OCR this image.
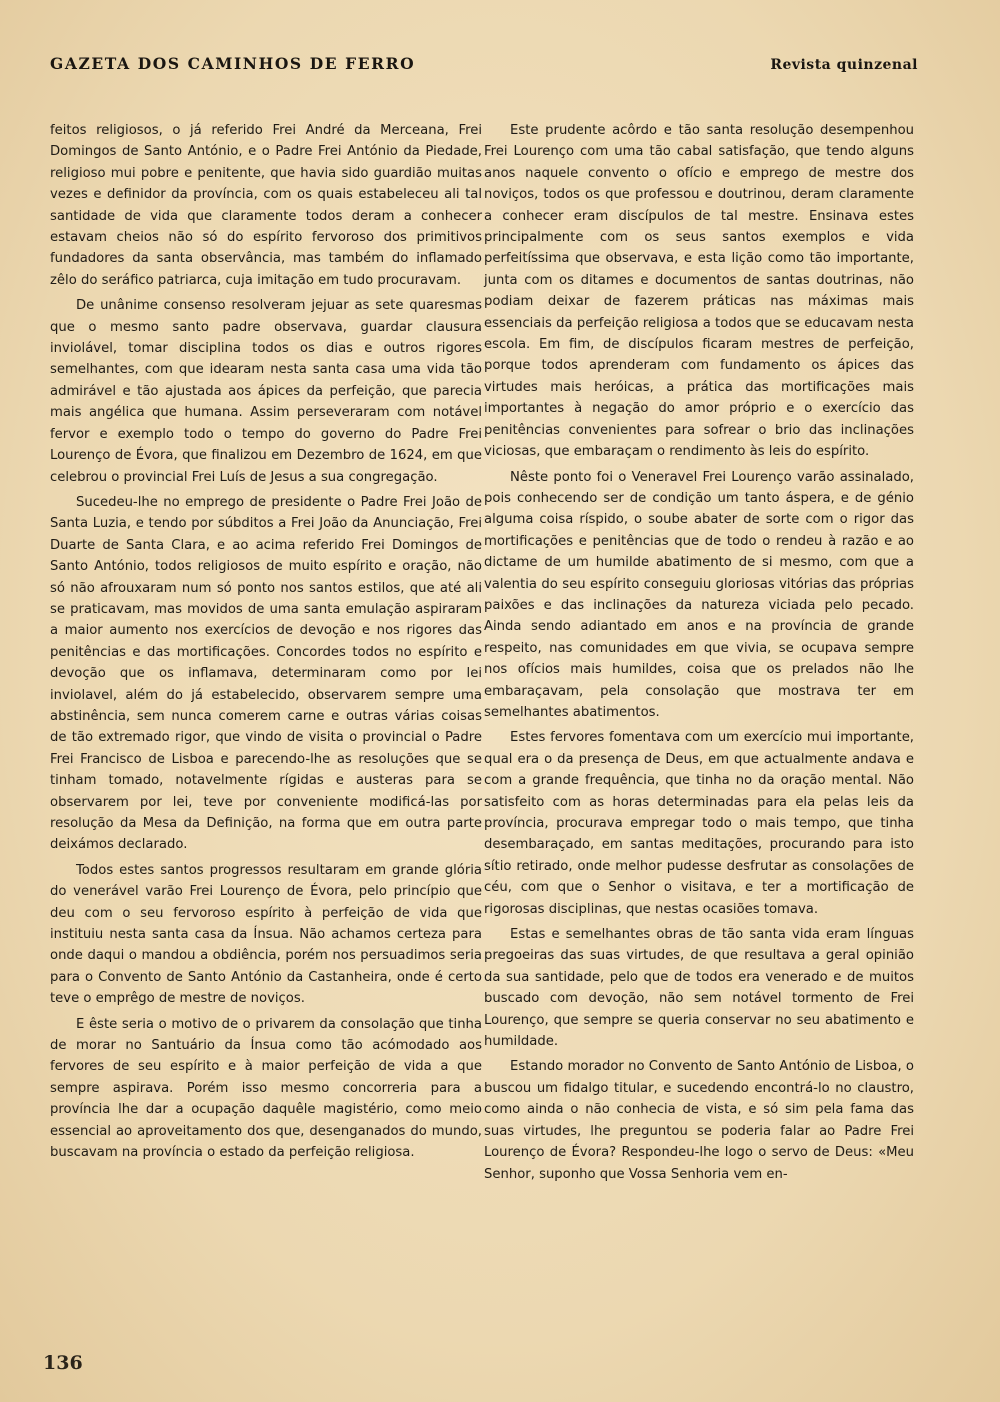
GAZETA DOS CAMINHOS DE FERRO	Revista quinzenal

feitos religiosos, o já referido Frei André da Merceana, Frei Domingos de Santo António, e o Padre Frei António da Piedade, religioso mui pobre e penitente, que havia sido guardião muitas vezes e definidor da província, com os quais estabeleceu ali tal santidade de vida que claramente todos deram a conhecer estavam cheios não só do espírito fervoroso dos primitivos fundadores da santa observância, mas também do inflamado zêlo do seráfico patriarca, cuja imitação em tudo procuravam.

De unânime consenso resolveram jejuar as sete quaresmas que o mesmo santo padre observava, guardar clausura inviolável, tomar disciplina todos os dias e outros rigores semelhantes, com que idearam nesta santa casa uma vida tão admirável e tão ajustada aos ápices da perfeição, que parecia mais angélica que humana. Assim perseveraram com notável fervor e exemplo todo o tempo do governo do Padre Frei Lourenço de Évora, que finalizou em Dezembro de 1624, em que celebrou o provincial Frei Luís de Jesus a sua congregação.

Sucedeu-lhe no emprego de presidente o Padre Frei João de Santa Luzia, e tendo por súbditos a Frei João da Anunciação, Frei Duarte de Santa Clara, e ao acima referido Frei Domingos de Santo António, todos religiosos de muito espírito e oração, não só não afrouxaram num só ponto nos santos estilos, que até ali se praticavam, mas movidos de uma santa emulação aspiraram a maior aumento nos exercícios de devoção e nos rigores das penitências e das mortificações. Concordes todos no espírito e devoção que os inflamava, determinaram como por lei inviolavel, além do já estabelecido, observarem sempre uma abstinência, sem nunca comerem carne e outras várias coisas de tão extremado rigor, que vindo de visita o provincial o Padre Frei Francisco de Lisboa e parecendo-lhe as resoluções que se tinham tomado, notavelmente rígidas e austeras para se observarem por lei, teve por conveniente modificá-las por resolução da Mesa da Definição, na forma que em outra parte deixámos declarado.

Todos estes santos progressos resultaram em grande glória do venerável varão Frei Lourenço de Évora, pelo princípio que deu com o seu fervoroso espírito à perfeição de vida que instituiu nesta santa casa da Ínsua. Não achamos certeza para onde daqui o mandou a obdiência, porém nos persuadimos seria para o Convento de Santo António da Castanheira, onde é certo teve o emprêgo de mestre de noviços.

E êste seria o motivo de o privarem da consolação que tinha de morar no Santuário da Ínsua como tão acómodado aos fervores de seu espírito e à maior perfeição de vida a que sempre aspirava. Porém isso mesmo concorreria para a província lhe dar a ocupação daquêle magistério, como meio essencial ao aproveitamento dos que, desenganados do mundo, buscavam na província o estado da perfeição religiosa.

Este prudente acôrdo e tão santa resolução desempenhou Frei Lourenço com uma tão cabal satisfação, que tendo alguns anos naquele convento o ofício e emprego de mestre dos noviços, todos os que professou e doutrinou, deram claramente a conhecer eram discípulos de tal mestre. Ensinava estes principalmente com os seus santos exemplos e vida perfeitíssima que observava, e esta lição como tão importante, junta com os ditames e documentos de santas doutrinas, não podiam deixar de fazerem práticas nas máximas mais essenciais da perfeição religiosa a todos que se educavam nesta escola. Em fim, de discípulos ficaram mestres de perfeição, porque todos aprenderam com fundamento os ápices das virtudes mais heróicas, a prática das mortificações mais importantes à negação do amor próprio e o exercício das penitências convenientes para sofrear o brio das inclinações viciosas, que embaraçam o rendimento às leis do espírito.

Nêste ponto foi o Veneravel Frei Lourenço varão assinalado, pois conhecendo ser de condição um tanto áspera, e de génio alguma coisa ríspido, o soube abater de sorte com o rigor das mortificações e penitências que de todo o rendeu à razão e ao dictame de um humilde abatimento de si mesmo, com que a valentia do seu espírito conseguiu gloriosas vitórias das próprias paixões e das inclinações da natureza viciada pelo pecado. Ainda sendo adiantado em anos e na província de grande respeito, nas comunidades em que vivia, se ocupava sempre nos ofícios mais humildes, coisa que os prelados não lhe embaraçavam, pela consolação que mostrava ter em semelhantes abatimentos.

Estes fervores fomentava com um exercício mui importante, qual era o da presença de Deus, em que actualmente andava e com a grande frequência, que tinha no da oração mental. Não satisfeito com as horas determinadas para ela pelas leis da província, procurava empregar todo o mais tempo, que tinha desembaraçado, em santas meditações, procurando para isto sítio retirado, onde melhor pudesse desfrutar as consolações de céu, com que o Senhor o visitava, e ter a mortificação de rigorosas disciplinas, que nestas ocasiões tomava.

Estas e semelhantes obras de tão santa vida eram línguas pregoeiras das suas virtudes, de que resultava a geral opinião da sua santidade, pelo que de todos era venerado e de muitos buscado com devoção, não sem notável tormento de Frei Lourenço, que sempre se queria conservar no seu abatimento e humildade.

Estando morador no Convento de Santo António de Lisboa, o buscou um fidalgo titular, e sucedendo encontrá-lo no claustro, como ainda o não conhecia de vista, e só sim pela fama das suas virtudes, lhe preguntou se poderia falar ao Padre Frei Lourenço de Évora? Respondeu-lhe logo o servo de Deus: «Meu Senhor, suponho que Vossa Senhoria vem en-

136
